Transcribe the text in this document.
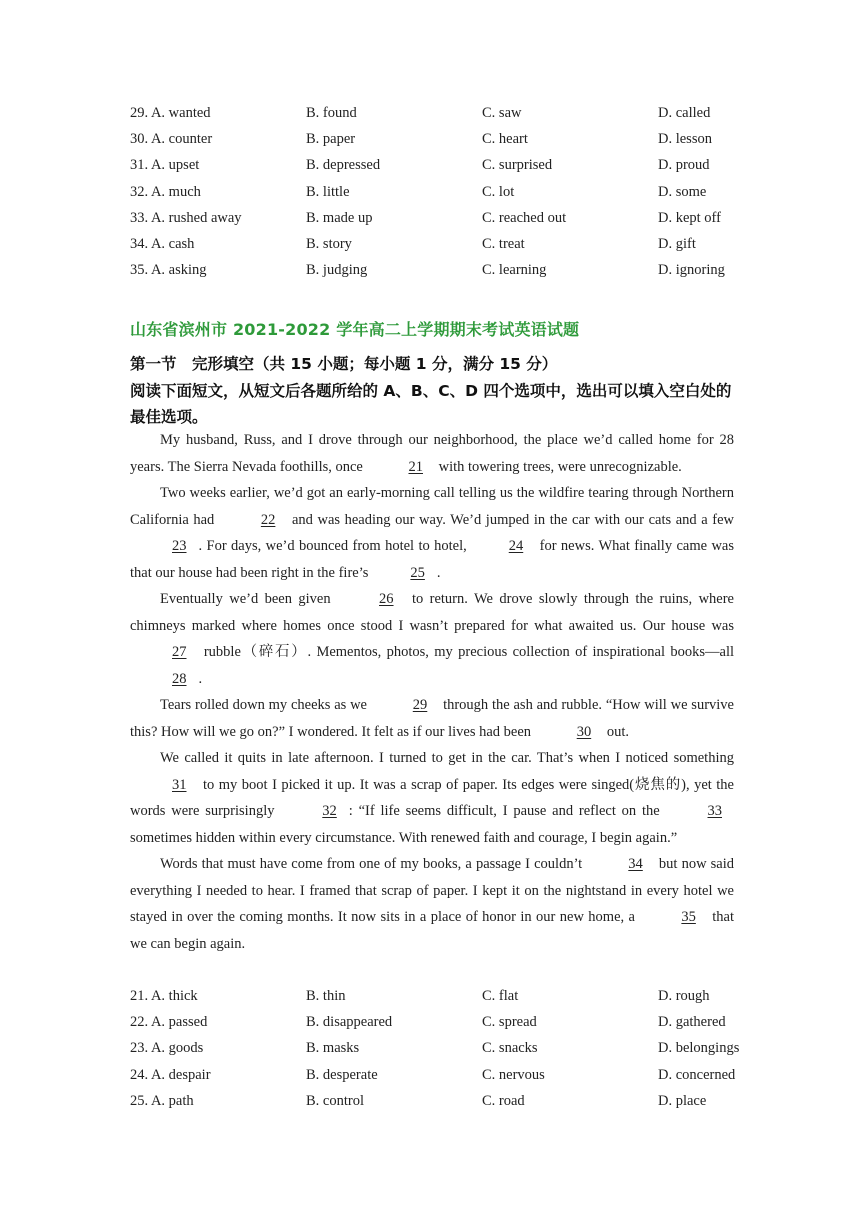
29. A. wanted	B. found	C. saw	D. called
30. A. counter	B. paper	C. heart	D. lesson
31. A. upset	B. depressed	C. surprised	D. proud
32. A. much	B. little	C. lot	D. some
33. A. rushed away	B. made up	C. reached out	D. kept off
34. A. cash	B. story	C. treat	D. gift
35. A. asking	B. judging	C. learning	D. ignoring
山东省滨州市 2021-2022 学年高二上学期期末考试英语试题
第一节　完形填空（共 15 小题；每小题 1 分，满分 15 分）
阅读下面短文，从短文后各题所给的 A、B、C、D 四个选项中，选出可以填入空白处的最佳选项。

My husband, Russ, and I drove through our neighborhood, the place we’d called home for 28 years. The Sierra Nevada foothills, once	21 with towering trees, were unrecognizable.

Two weeks earlier, we’d got an early-morning call telling us the wildfire tearing through Northern California had	22 and was heading our way. We’d jumped in the car with our cats and a few 23 . For days, we’d bounced from hotel to hotel,	24 for news. What finally came was that our house had been right in the fire’s	25 .

Eventually we’d been given	26 to return. We drove slowly through the ruins, where chimneys marked where homes once stood I wasn’t prepared for what awaited us. Our house was 27 rubble（碎石）. Mementos, photos, my precious collection of inspirational books—all 28 .

Tears rolled down my cheeks as we	29 through the ash and rubble. “How will we survive this? How will we go on?” I wondered. It felt as if our lives had been	30 out.

We called it quits in late afternoon. I turned to get in the car. That’s when I noticed something 31 to my boot I picked it up. It was a scrap of paper. Its edges were singed(烧焦的), yet the words were surprisingly	32 : “If life seems difficult, I pause and reflect on the	33 sometimes hidden within every circumstance. With renewed faith and courage, I begin again.”

Words that must have come from one of my books, a passage I couldn’t	34 but now said everything I needed to hear. I framed that scrap of paper. I kept it on the nightstand in every hotel we stayed in over the coming months. It now sits in a place of honor in our new home, a	35 that we can begin again.

21. A. thick	B. thin	C. flat	D. rough
22. A. passed	B. disappeared	C. spread	D. gathered
23. A. goods	B. masks	C. snacks	D. belongings
24. A. despair	B. desperate	C. nervous	D. concerned
25. A. path	B. control	C. road	D. place
